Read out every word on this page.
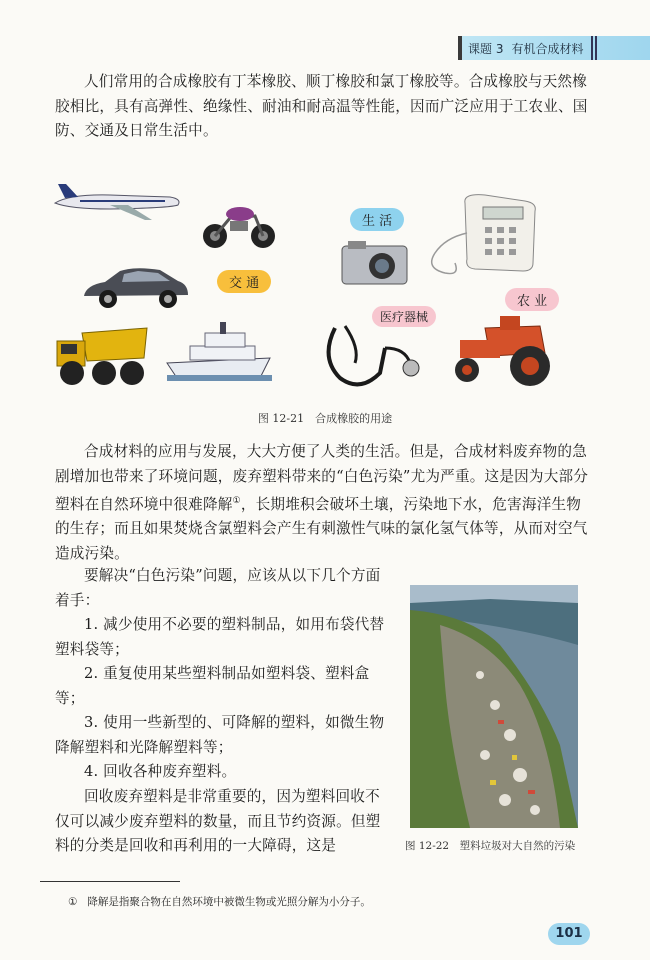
课题 3 有机合成材料
人们常用的合成橡胶有丁苯橡胶、顺丁橡胶和氯丁橡胶等。合成橡胶与天然橡胶相比，具有高弹性、绝缘性、耐油和耐高温等性能，因而广泛应用于工农业、国防、交通及日常生活中。
交 通
生 活
医疗器械
农 业
图 12-21　合成橡胶的用途
合成材料的应用与发展，大大方便了人类的生活。但是，合成材料废弃物的急剧增加也带来了环境问题，废弃塑料带来的“白色污染”尤为严重。这是因为大部分塑料在自然环境中很难降解①，长期堆积会破坏土壤，污染地下水，危害海洋生物的生存；而且如果焚烧含氯塑料会产生有刺激性气味的氯化氢气体等，从而对空气造成污染。
要解决“白色污染”问题，应该从以下几个方面着手：
1. 减少使用不必要的塑料制品，如用布袋代替塑料袋等；
2. 重复使用某些塑料制品如塑料袋、塑料盒等；
3. 使用一些新型的、可降解的塑料，如微生物降解塑料和光降解塑料等；
4. 回收各种废弃塑料。
回收废弃塑料是非常重要的，因为塑料回收不仅可以减少废弃塑料的数量，而且节约资源。但塑料的分类是回收和再利用的一大障碍，这是	图 12-22　塑料垃圾对大自然的污染
① 降解是指聚合物在自然环境中被微生物或光照分解为小分子。
101
